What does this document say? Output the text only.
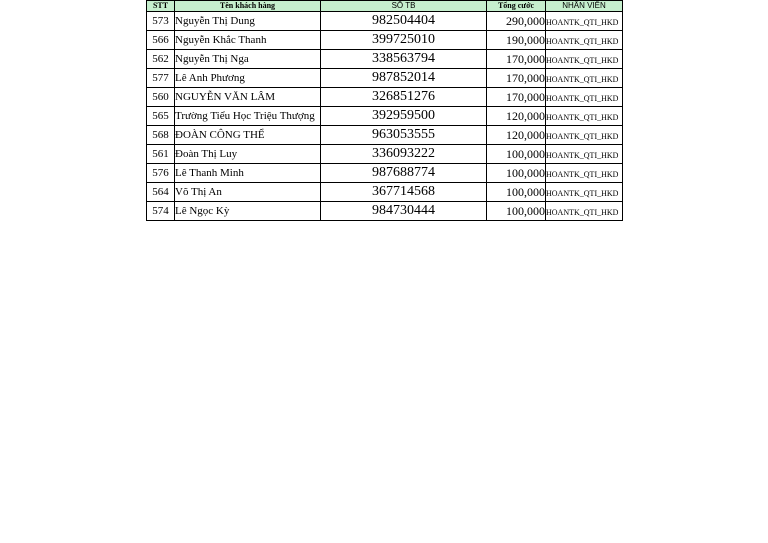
STT	Tên khách hàng	SỐ TB	Tổng cước	NHÂN VIÊN
573	Nguyễn Thị Dung	982504404	290,000	HOANTK_QTI_HKD
566	Nguyễn Khắc Thanh	399725010	190,000	HOANTK_QTI_HKD
562	Nguyễn Thị Nga	338563794	170,000	HOANTK_QTI_HKD
577	Lê Anh Phương	987852014	170,000	HOANTK_QTI_HKD
560	NGUYỄN VĂN LÂM	326851276	170,000	HOANTK_QTI_HKD
565	Trường Tiểu Học Triệu Thượng	392959500	120,000	HOANTK_QTI_HKD
568	ĐOÀN CÔNG THỂ	963053555	120,000	HOANTK_QTI_HKD
561	Đoàn Thị Luy	336093222	100,000	HOANTK_QTI_HKD
576	Lê Thanh Minh	987688774	100,000	HOANTK_QTI_HKD
564	Võ Thị An	367714568	100,000	HOANTK_QTI_HKD
574	Lê Ngọc Kỳ	984730444	100,000	HOANTK_QTI_HKD
